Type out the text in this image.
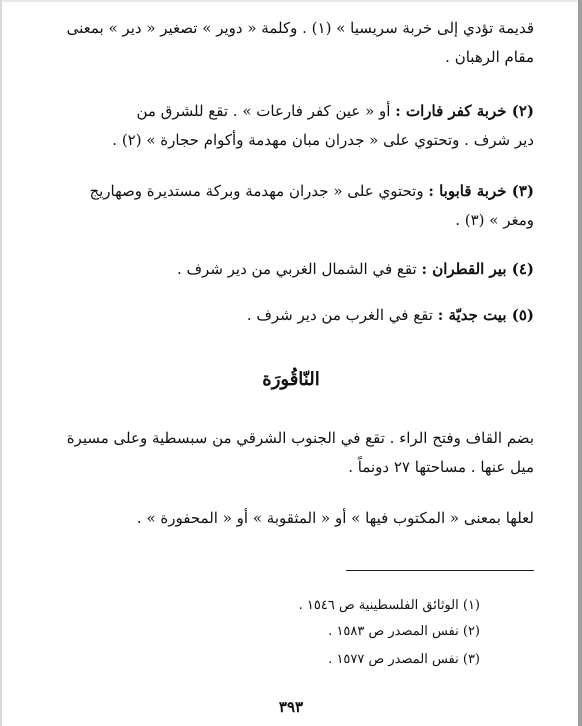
قديمة تؤدي إلى خربة سريسيا » (١) . وكلمة « دوير » تصغير « دير » بمعنى
مقام الرهبان .
(٢) خربة كفر فارات : أو « عين كفر فارعات » . تقع للشرق من
دير شرف . وتحتوي على « جدران مبان مهدمة وأكوام حجارة » (٢) .
(٣) خربة قابوبا : وتحتوي على « جدران مهدمة وبركة مستديرة وصهاريج
ومغر » (٣) .
(٤) بير القطران : تقع في الشمال الغربي من دير شرف .
(٥) بيت جديّة : تقع في الغرب من دير شرف .
النّاقُورَة
بضم القاف وفتح الراء . تقع في الجنوب الشرقي من سبسطية وعلى مسيرة
ميل عنها . مساحتها ٢٧ دونماً .
لعلها بمعنى « المكتوب فيها » أو « المثقوبة » أو « المحفورة » .
(١) الوثائق الفلسطينية ص ١٥٤٦ .
(٢) نفس المصدر ص ١٥٨٣ .
(٣) نفس المصدر ص ١٥٧٧ .
٣٩٣
